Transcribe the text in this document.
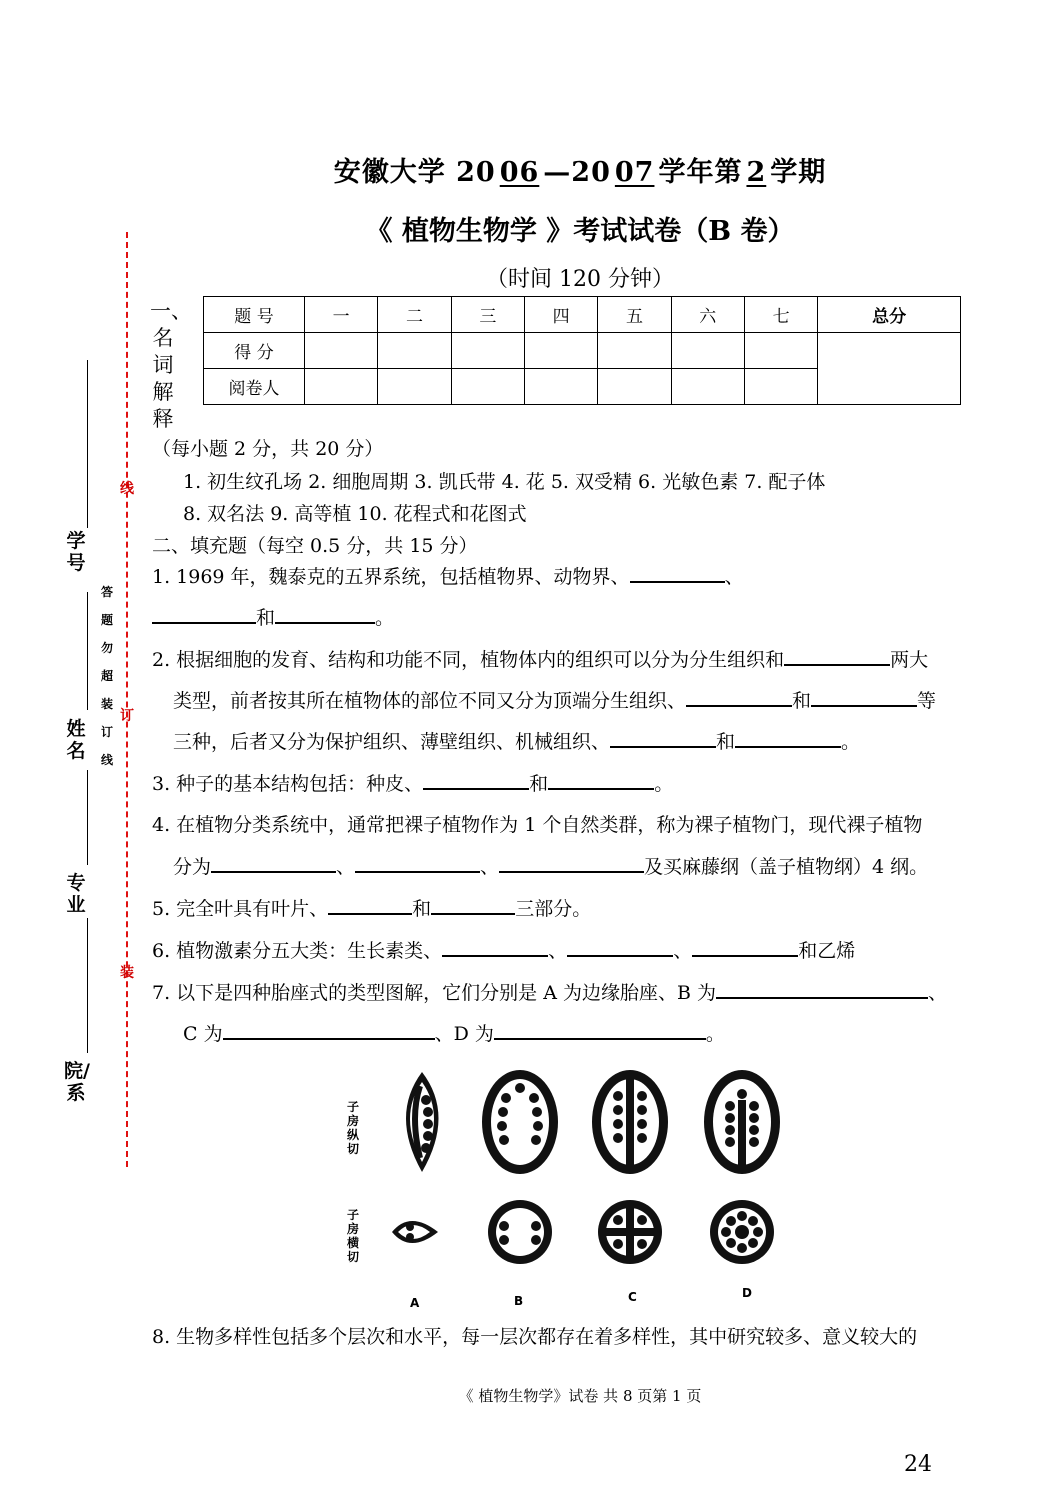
线
订
装
学号
姓名
专业
院/系
答题勿超装订线
安徽大学 20 06 —20 07 学年第 2 学期
《 植物生物学 》考试试卷（B 卷）
（时间 120 分钟）
一、
名
词
解
释
题 号	一	二	三	四	五	六	七	总分
得 分								
阅卷人								
（每小题 2 分，共 20 分）
1. 初生纹孔场 2. 细胞周期 3. 凯氏带 4. 花 5. 双受精 6. 光敏色素 7. 配子体
8. 双名法 9. 高等植 10. 花程式和花图式
二、填充题（每空 0.5 分，共 15 分）
1. 1969 年，魏泰克的五界系统，包括植物界、动物界、	、
和	。
2. 根据细胞的发育、结构和功能不同，植物体内的组织可以分为分生组织和	两大
类型，前者按其所在植物体的部位不同又分为顶端分生组织、	和	等
三种，后者又分为保护组织、薄壁组织、机械组织、	和	。
3. 种子的基本结构包括：种皮、	和	。
4. 在植物分类系统中，通常把裸子植物作为 1 个自然类群，称为裸子植物门，现代裸子植物
分为	、	、	及买麻藤纲（盖子植物纲）4 纲。
5. 完全叶具有叶片、	和	三部分。
6. 植物激素分五大类：生长素类、	、	、	和乙烯
7. 以下是四种胎座式的类型图解，它们分别是 A 为边缘胎座、B 为	、
C 为	、D 为	。
子房纵切
子房横切
A	B	C	D
8. 生物多样性包括多个层次和水平，每一层次都存在着多样性，其中研究较多、意义较大的
《 植物生物学》试卷 共 8 页第 1 页
24
